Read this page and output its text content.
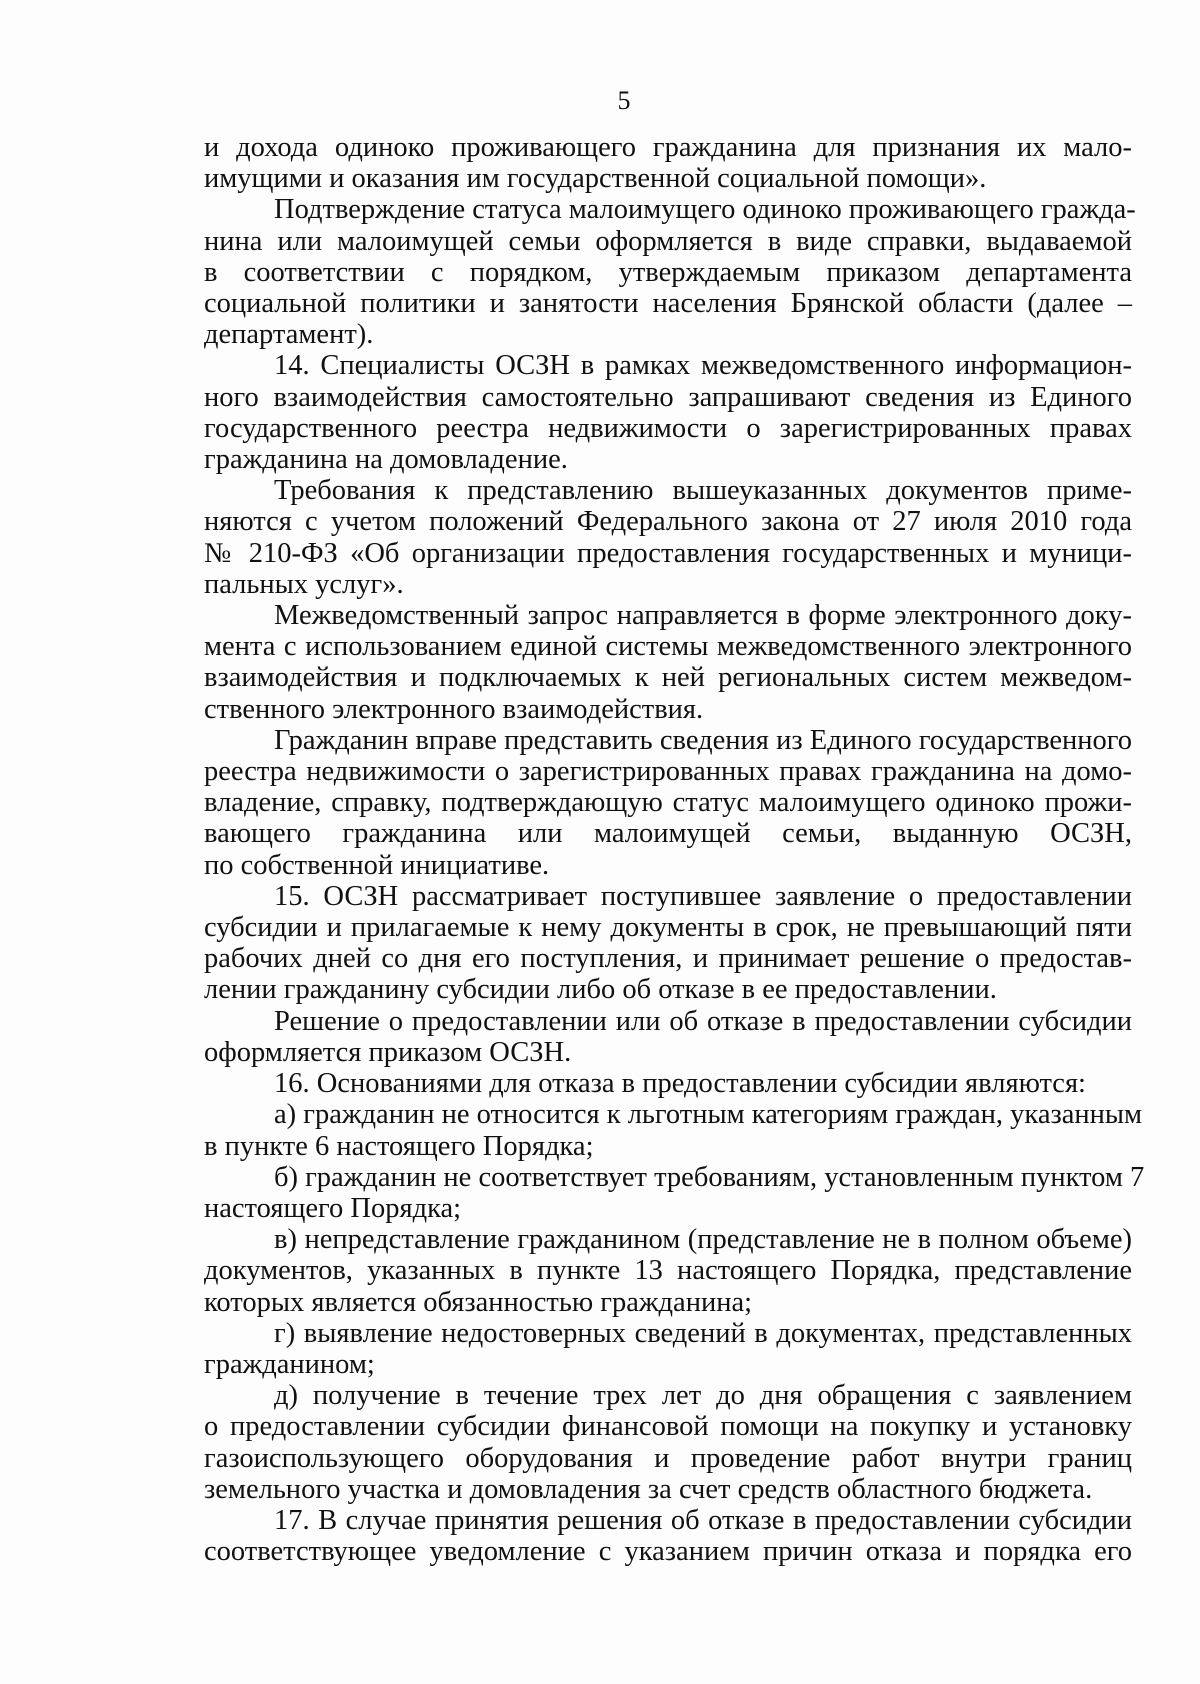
5
и дохода одиноко проживающего гражданина для признания их мало-
имущими и оказания им государственной социальной помощи».
Подтверждение статуса малоимущего одиноко проживающего гражда-
нина или малоимущей семьи оформляется в виде справки, выдаваемой
в соответствии с порядком, утверждаемым приказом департамента
социальной политики и занятости населения Брянской области (далее –
департамент).
14. Специалисты ОСЗН в рамках межведомственного информацион-
ного взаимодействия самостоятельно запрашивают сведения из Единого
государственного реестра недвижимости о зарегистрированных правах
гражданина на домовладение.
Требования к представлению вышеуказанных документов приме-
няются с учетом положений Федерального закона от 27 июля 2010 года
№ 210-ФЗ «Об организации предоставления государственных и муници-
пальных услуг».
Межведомственный запрос направляется в форме электронного доку-
мента с использованием единой системы межведомственного электронного
взаимодействия и подключаемых к ней региональных систем межведом-
ственного электронного взаимодействия.
Гражданин вправе представить сведения из Единого государственного
реестра недвижимости о зарегистрированных правах гражданина на домо-
владение, справку, подтверждающую статус малоимущего одиноко прожи-
вающего гражданина или малоимущей семьи, выданную ОСЗН,
по собственной инициативе.
15. ОСЗН рассматривает поступившее заявление о предоставлении
субсидии и прилагаемые к нему документы в срок, не превышающий пяти
рабочих дней со дня его поступления, и принимает решение о предостав-
лении гражданину субсидии либо об отказе в ее предоставлении.
Решение о предоставлении или об отказе в предоставлении субсидии
оформляется приказом ОСЗН.
16. Основаниями для отказа в предоставлении субсидии являются:
а) гражданин не относится к льготным категориям граждан, указанным
в пункте 6 настоящего Порядка;
б) гражданин не соответствует требованиям, установленным пунктом 7
настоящего Порядка;
в) непредставление гражданином (представление не в полном объеме)
документов, указанных в пункте 13 настоящего Порядка, представление
которых является обязанностью гражданина;
г) выявление недостоверных сведений в документах, представленных
гражданином;
д) получение в течение трех лет до дня обращения с заявлением
о предоставлении субсидии финансовой помощи на покупку и установку
газоиспользующего оборудования и проведение работ внутри границ
земельного участка и домовладения за счет средств областного бюджета.
17. В случае принятия решения об отказе в предоставлении субсидии
соответствующее уведомление с указанием причин отказа и порядка его
